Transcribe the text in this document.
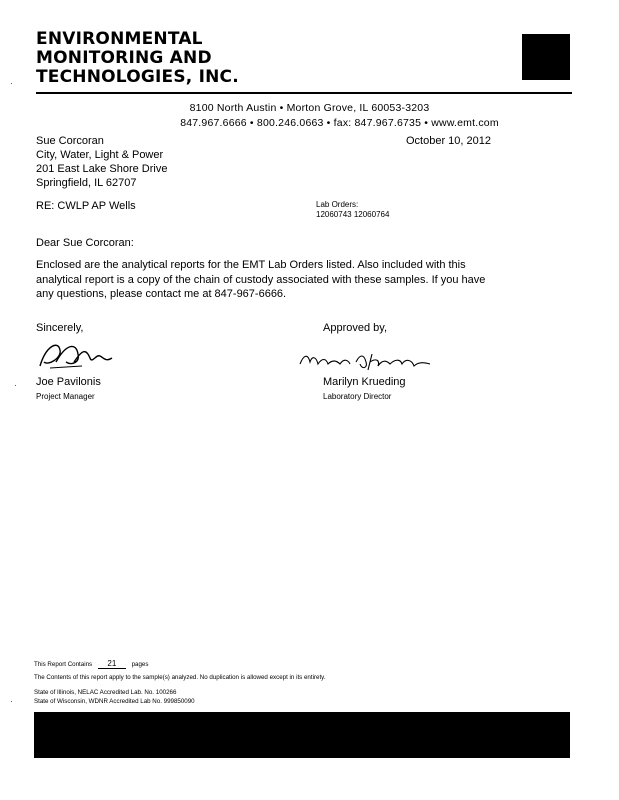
ENVIRONMENTAL
MONITORING AND
TECHNOLOGIES, INC.
8100 North Austin • Morton Grove, IL 60053-3203
847.967.6666 • 800.246.0663 • fax: 847.967.6735 • www.emt.com
Sue Corcoran
City, Water, Light & Power
201 East Lake Shore Drive
Springfield, IL 62707
October 10, 2012
RE: CWLP AP Wells	Lab Orders:
12060743 12060764
Dear Sue Corcoran:
Enclosed are the analytical reports for the EMT Lab Orders listed. Also included with this analytical report is a copy of the chain of custody associated with these samples. If you have any questions, please contact me at 847-967-6666.
Sincerely,	Approved by,
Joe Pavilonis
Project Manager
Marilyn Krueding
Laboratory Director
This Report Contains 21 pages
The Contents of this report apply to the sample(s) analyzed. No duplication is allowed except in its entirety.
State of Illinois, NELAC Accredited Lab. No. 100266
State of Wisconsin, WDNR Accredited Lab No. 999850090
·
·
·
